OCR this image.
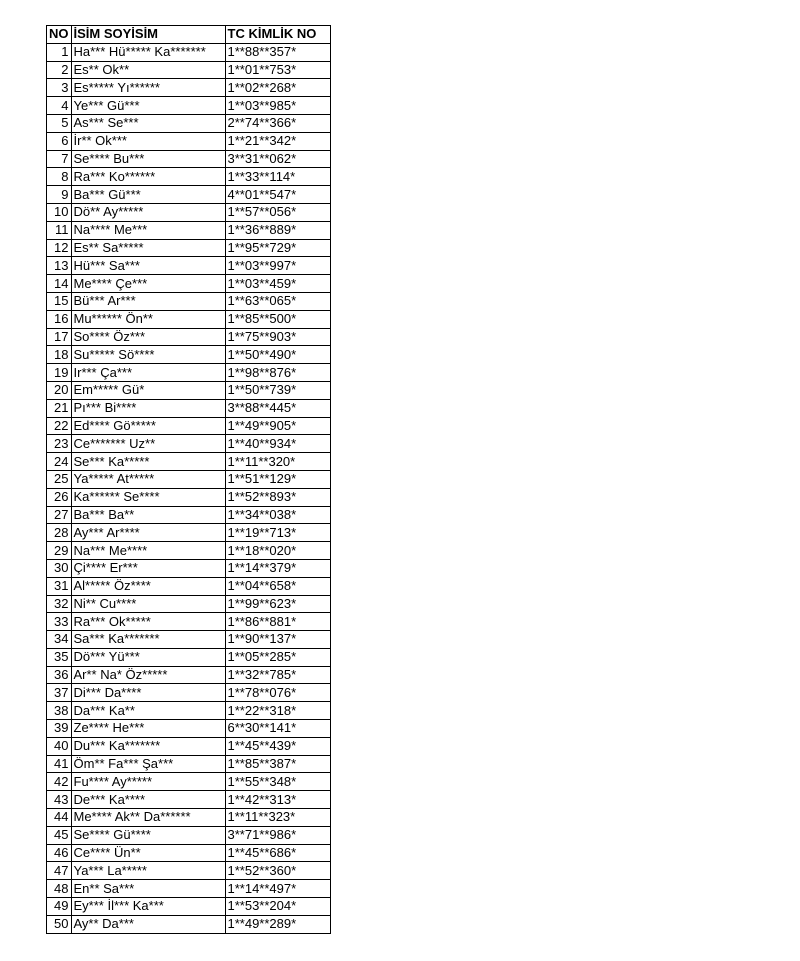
NO	İSİM SOYİSİM	TC KİMLİK NO
1	Ha*** Hü***** Ka*******	1**88**357*
2	Es** Ok**	1**01**753*
3	Es***** Yı******	1**02**268*
4	Ye*** Gü***	1**03**985*
5	As*** Se***	2**74**366*
6	İr** Ok***	1**21**342*
7	Se**** Bu***	3**31**062*
8	Ra*** Ko******	1**33**114*
9	Ba*** Gü***	4**01**547*
10	Dö** Ay*****	1**57**056*
11	Na**** Me***	1**36**889*
12	Es** Sa*****	1**95**729*
13	Hü*** Sa***	1**03**997*
14	Me**** Çe***	1**03**459*
15	Bü*** Ar***	1**63**065*
16	Mu****** Ön**	1**85**500*
17	So**** Öz***	1**75**903*
18	Su***** Sö****	1**50**490*
19	Ir*** Ça***	1**98**876*
20	Em***** Gü*	1**50**739*
21	Pı*** Bi****	3**88**445*
22	Ed**** Gö*****	1**49**905*
23	Ce******* Uz**	1**40**934*
24	Se*** Ka*****	1**11**320*
25	Ya***** At*****	1**51**129*
26	Ka****** Se****	1**52**893*
27	Ba*** Ba**	1**34**038*
28	Ay*** Ar****	1**19**713*
29	Na*** Me****	1**18**020*
30	Çi**** Er***	1**14**379*
31	Al***** Öz****	1**04**658*
32	Ni** Cu****	1**99**623*
33	Ra*** Ok*****	1**86**881*
34	Sa*** Ka*******	1**90**137*
35	Dö*** Yü***	1**05**285*
36	Ar** Na* Öz*****	1**32**785*
37	Di*** Da****	1**78**076*
38	Da*** Ka**	1**22**318*
39	Ze**** He***	6**30**141*
40	Du*** Ka*******	1**45**439*
41	Öm** Fa*** Şa***	1**85**387*
42	Fu**** Ay*****	1**55**348*
43	De*** Ka****	1**42**313*
44	Me**** Ak** Da******	1**11**323*
45	Se**** Gü****	3**71**986*
46	Ce**** Ün**	1**45**686*
47	Ya*** La*****	1**52**360*
48	En** Sa***	1**14**497*
49	Ey*** İl*** Ka***	1**53**204*
50	Ay** Da***	1**49**289*
